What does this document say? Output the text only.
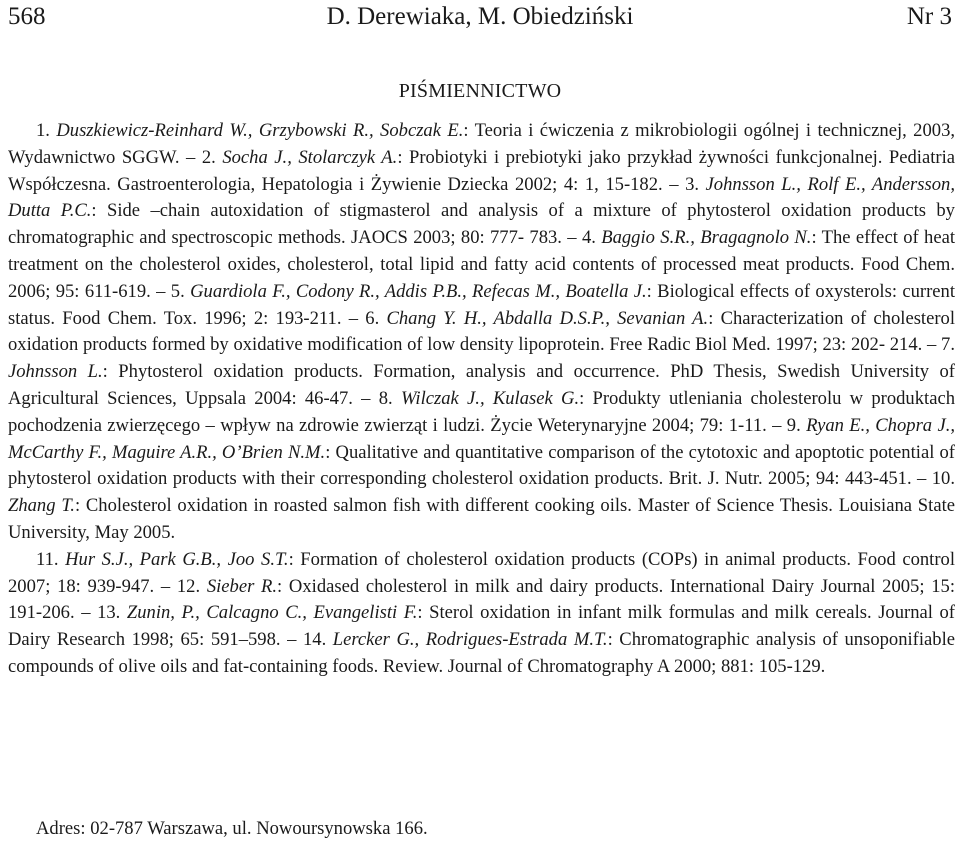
568	D. Derewiaka, M. Obiedziński	Nr 3
PIŚMIENNICTWO

1. Duszkiewicz-Reinhard W., Grzybowski R., Sobczak E.: Teoria i ćwiczenia z mikrobiologii ogólnej i technicznej, 2003, Wydawnictwo SGGW. – 2. Socha J., Stolarczyk A.: Probiotyki i prebiotyki jako przykład żywności funkcjonalnej. Pediatria Współczesna. Gastroenterologia, Hepatologia i Żywienie Dziecka 2002; 4: 1, 15-182. – 3. Johnsson L., Rolf E., Andersson, Dutta P.C.: Side –chain autoxidation of stigmasterol and analysis of a mixture of phytosterol oxidation products by chromatographic and spectroscopic methods. JAOCS 2003; 80: 777- 783. – 4. Baggio S.R., Bragagnolo N.: The effect of heat treatment on the cholesterol oxides, cholesterol, total lipid and fatty acid contents of processed meat products. Food Chem. 2006; 95: 611-619. – 5. Guardiola F., Codony R., Addis P.B., Refecas M., Boatella J.: Biological effects of oxysterols: current status. Food Chem. Tox. 1996; 2: 193-211. – 6. Chang Y. H., Abdalla D.S.P., Sevanian A.: Characterization of cholesterol oxidation products formed by oxidative modification of low density lipoprotein. Free Radic Biol Med. 1997; 23: 202- 214. – 7. Johnsson L.: Phytosterol oxidation products. Formation, analysis and occurrence. PhD Thesis, Swedish University of Agricultural Sciences, Uppsala 2004: 46-47. – 8. Wilczak J., Kulasek G.: Produkty utleniania cholesterolu w produktach pochodzenia zwierzęcego – wpływ na zdrowie zwierząt i ludzi. Życie Weterynaryjne 2004; 79: 1-11. – 9. Ryan E., Chopra J., McCarthy F., Maguire A.R., O’Brien N.M.: Qualitative and quantitative comparison of the cytotoxic and apoptotic potential of phytosterol oxidation products with their corresponding cholesterol oxidation products. Brit. J. Nutr. 2005; 94: 443-451. – 10. Zhang T.: Cholesterol oxidation in roasted salmon fish with different cooking oils. Master of Science Thesis. Louisiana State University, May 2005.

11. Hur S.J., Park G.B., Joo S.T.: Formation of cholesterol oxidation products (COPs) in animal products. Food control 2007; 18: 939-947. – 12. Sieber R.: Oxidased cholesterol in milk and dairy products. International Dairy Journal 2005; 15: 191-206. – 13. Zunin, P., Calcagno C., Evangelisti F.: Sterol oxidation in infant milk formulas and milk cereals. Journal of Dairy Research 1998; 65: 591–598. – 14. Lercker G., Rodrigues-Estrada M.T.: Chromatographic analysis of unsoponifiable compounds of olive oils and fat-containing foods. Review. Journal of Chromatography A 2000; 881: 105-129.

Adres: 02-787 Warszawa, ul. Nowoursynowska 166.
